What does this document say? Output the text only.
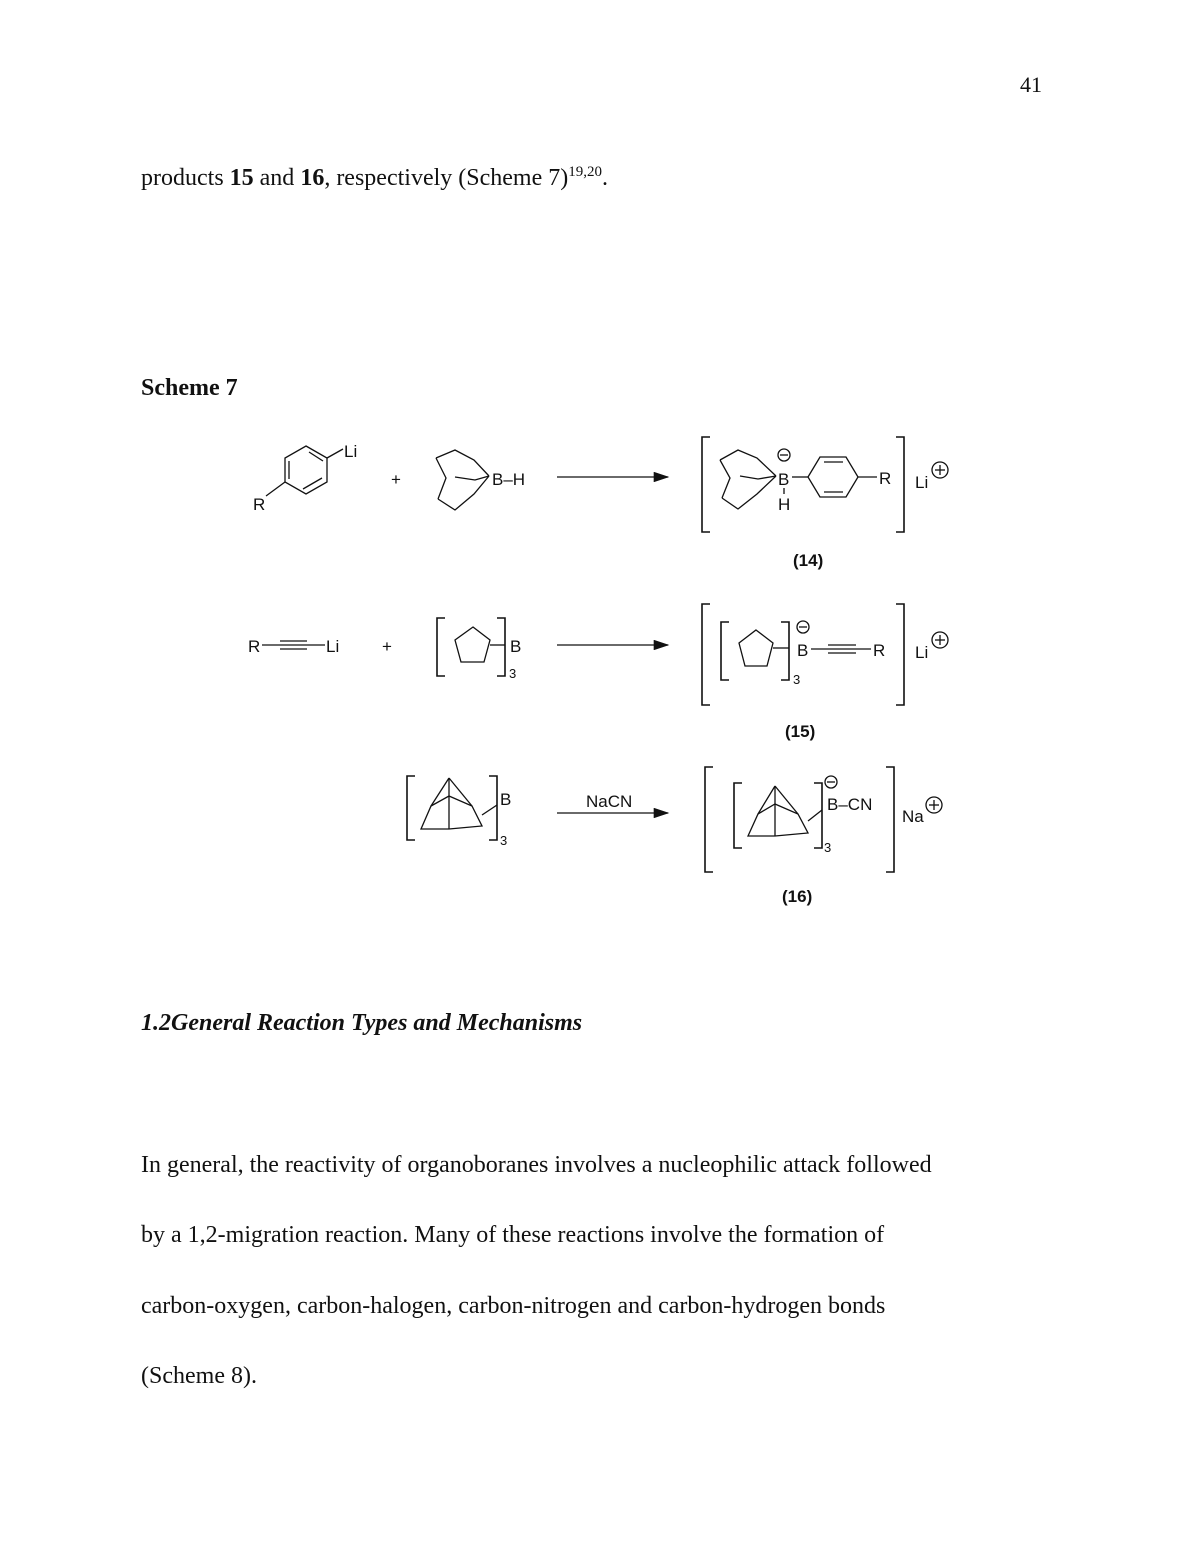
41
products 15 and 16, respectively (Scheme 7)$^{19,20}$.
Scheme 7
Li
R
+	B–H	B
H
R Li
(14)
R	Li	+	B
3	3
B	R Li
(15)
B
3
NaCN
3
B–CN
Na
(16)
1.2General Reaction Types and Mechanisms
In general, the reactivity of organoboranes involves a nucleophilic attack followed
by a 1,2-migration reaction. Many of these reactions involve the formation of
carbon-oxygen, carbon-halogen, carbon-nitrogen and carbon-hydrogen bonds
(Scheme 8).
